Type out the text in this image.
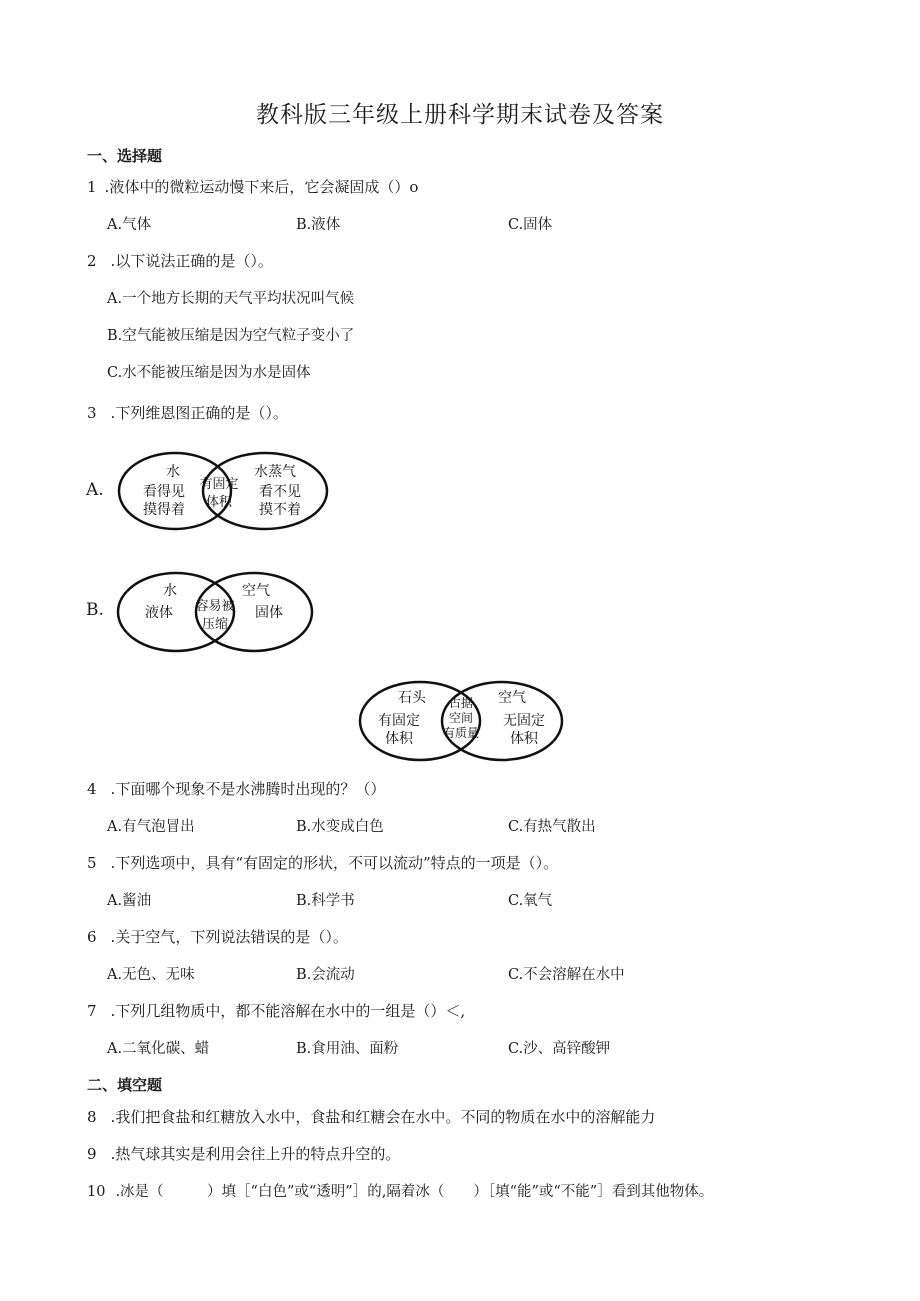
教科版三年级上册科学期末试卷及答案
一、选择题
1 .液体中的微粒运动慢下来后，它会凝固成（）o
A.气体	B.液体	C.固体
2 .以下说法正确的是（）。
A.一个地方长期的天气平均状况叫气候
B.空气能被压缩是因为空气粒子变小了
C.水不能被压缩是因为水是固体
3 .下列维恩图正确的是（）。
A.
水
看得见
摸得着
有固定
体积
水蒸气
看不见
摸不着
B.
水
液体 容易被
压缩
空气
固体
石头
有固定
体积
占据
空间
有质量
空气
无固定
体积
4 .下面哪个现象不是水沸腾时出现的？（）
A.有气泡冒出	B.水变成白色	C.有热气散出
5 .下列选项中，具有“有固定的形状，不可以流动”特点的一项是（）。
A.酱油	B.科学书	C.氧气
6 .关于空气，下列说法错误的是（）。
A.无色、无味	B.会流动	C.不会溶解在水中
7 .下列几组物质中，都不能溶解在水中的一组是（）＜,
A.二氧化碳、蜡	B.食用油、面粉	C.沙、高锌酸钾
二、填空题
8 .我们把食盐和红糖放入水中，食盐和红糖会在水中。不同的物质在水中的溶解能力
9 .热气球其实是利用会往上升的特点升空的。
10 .冰是（　　　）填［“白色”或“透明”］的,隔着冰（　　）［填“能”或“不能”］看到其他物体。
